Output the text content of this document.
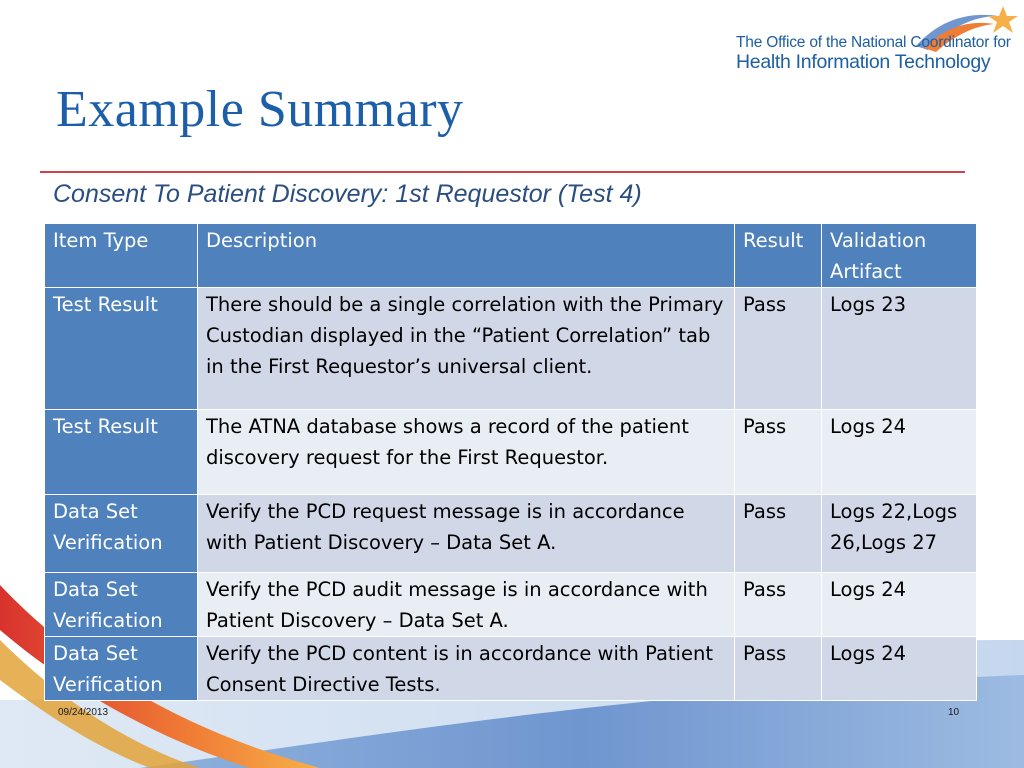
The Office of the National Coordinator for
Health Information Technology
Example Summary
Consent To Patient Discovery: 1st Requestor (Test 4)
Item Type	Description	Result	Validation Artifact
Test Result	There should be a single correlation with the Primary Custodian displayed in the “Patient Correlation” tab in the First Requestor’s universal client.	Pass	Logs 23
Test Result	The ATNA database shows a record of the patient discovery request for the First Requestor.	Pass	Logs 24
Data Set Verification	Verify the PCD request message is in accordance with Patient Discovery – Data Set A.	Pass	Logs 22,Logs 26,Logs 27
Data Set Verification	Verify the PCD audit message is in accordance with Patient Discovery – Data Set A.	Pass	Logs 24
Data Set Verification	Verify the PCD content is in accordance with Patient Consent Directive Tests.	Pass	Logs 24
09/24/2013	10
